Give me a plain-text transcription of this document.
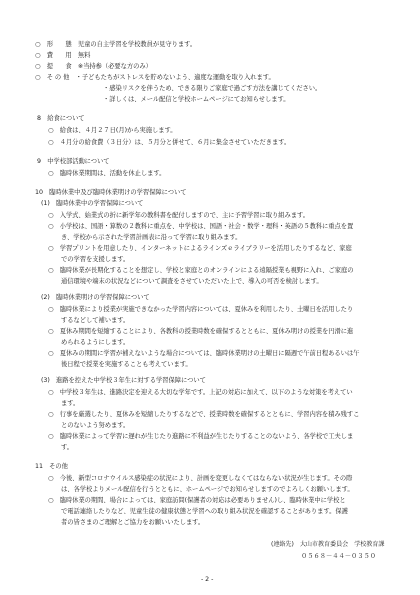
○　形　　態　児童の自主学習を学校教員が見守ります。
○　費　　用　無料
○　提　　食　※当持参（必要な方のみ）
○　そ の 他　・子どもたちがストレスを貯めないよう、適度な運動を取り入れます。
・感染リスクを伴うため、できる限りご家庭で過ごす方法を講じてください。
・詳しくは、メール配信と学校ホームページにてお知らせします。
8　給食について
○　給食は、４月２７日(月)から実施します。
○　４月分の給食費（３日分）は、５月分と併せて、６月に集金させていただきます。
9　中学校部活動について
○　臨時休業期間は、活動を休止します。
10　臨時休業中及び臨時休業明けの学習保障について
(1)　臨時休業中の学習保障について
○　入学式、始業式の折に新学年の教科書を配付しますので、主に予習学習に取り組みます。
○　小学校は、国語・算数の２教科に重点を、中学校は、国語・社会・数学・理科・英語の５教科に重点を置
き、学校から示された学習計画表に沿って学習に取り組みます。
○　学習プリントを用意したり、インターネットによるラインズｅライブラリーを活用したりするなど、家庭
での学習を支援します。
○　臨時休業が長期化することを想定し、学校と家庭とのオンラインによる遠隔授業も視野に入れ、ご家庭の
通信環境や端末の状況などについて調査をさせていただいた上で、導入の可否を検討します。
(2)　臨時休業明けの学習保障について
○　臨時休業により授業が実施できなかった学習内容については、夏休みを利用したり、土曜日を活用したり
するなどして補います。
○　夏休み期間を短縮することにより、各教科の授業時数を確保するとともに、夏休み明けの授業を円滑に進
められるようにします。
○　夏休みの期間に学習が補えないような場合については、臨時休業明けの土曜日に隔週で午前日程あるいは午
後日程で授業を実施することも考えています。
(3)　進路を控えた中学校３年生に対する学習保障について
○　中学校３年生は、進路決定を迎える大切な学年です。上記の対応に加えて、以下のような対策を考えてい
ます。
○　行事を厳選したり、夏休みを短縮したりするなどで、授業時数を確保するとともに、学習内容を積み残すこ
とのないよう努めます。
○　臨時休業によって学習に遅れが生じたり進路に不利益が生じたりすることのないよう、各学校で工夫しま
す。
11　その他
○　今後、新型コロナウイルス感染症の状況により、計画を変更しなくてはならない状況が生じます。その際
は、各学校よりメール配信を行うとともに、ホームページでお知らせしますのでよろしくお願いします。
○　臨時休業の期間、場合によっては、家庭訪問(保護者の対応は必要ありません)し、臨時休業中に学校と
で電話連絡したりなど、児童生徒の健康状態と学習への取り組み状況を確認することがあります。保護
者の皆さまのご理解とご協力をお願いいたします。
(連絡先)　大山市教育委員会　学校教育課
０５６８－４４－０３５０
- 2 -
